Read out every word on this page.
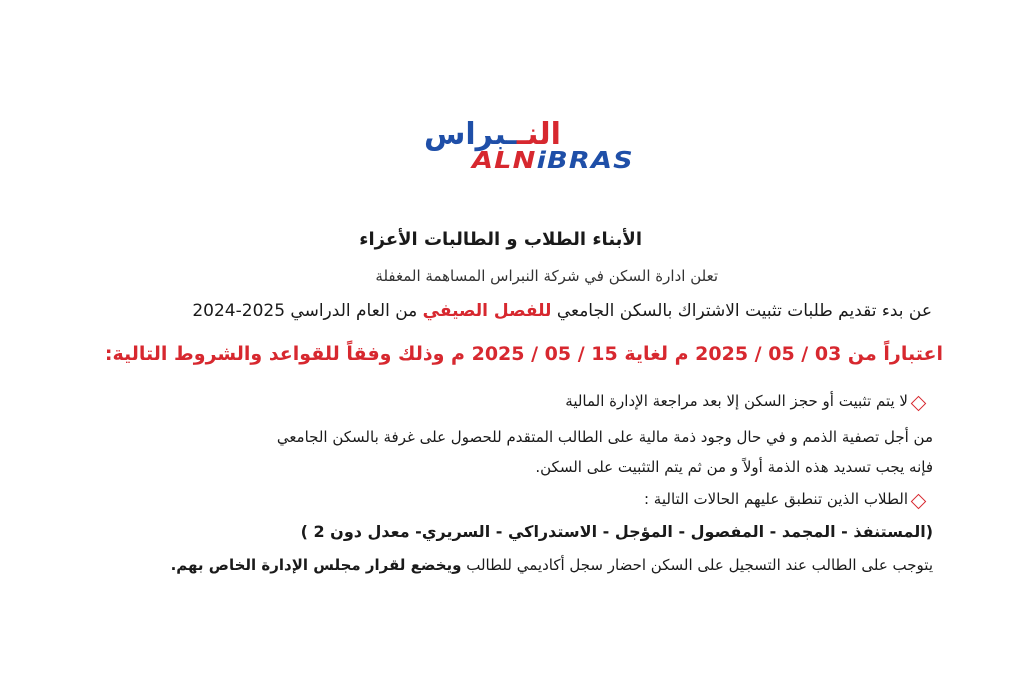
النــبراس
ALNiBRAS
الأبناء الطلاب و الطالبات الأعزاء
تعلن ادارة السكن في شركة النبراس المساهمة المغفلة
عن بدء تقديم طلبات تثبيت الاشتراك بالسكن الجامعي للفصل الصيفي من العام الدراسي 2025-2024
اعتباراً من 03 / 05 / 2025 م لغاية 15 / 05 / 2025 م وذلك وفقاً للقواعد والشروط التالية:
لا يتم تثبيت أو حجز السكن إلا بعد مراجعة الإدارة المالية
من أجل تصفية الذمم و في حال وجود ذمة مالية على الطالب المتقدم للحصول على غرفة بالسكن الجامعي
فإنه يجب تسديد هذه الذمة أولاً و من ثم يتم التثبيت على السكن.
الطلاب الذين تنطبق عليهم الحالات التالية :
(المستنفذ - المجمد - المفصول - المؤجل - الاستدراكي - السريري- معدل دون 2 )
يتوجب على الطالب عند التسجيل على السكن احضار سجل أكاديمي للطالب ويخضع لقرار مجلس الإدارة الخاص بهم.
